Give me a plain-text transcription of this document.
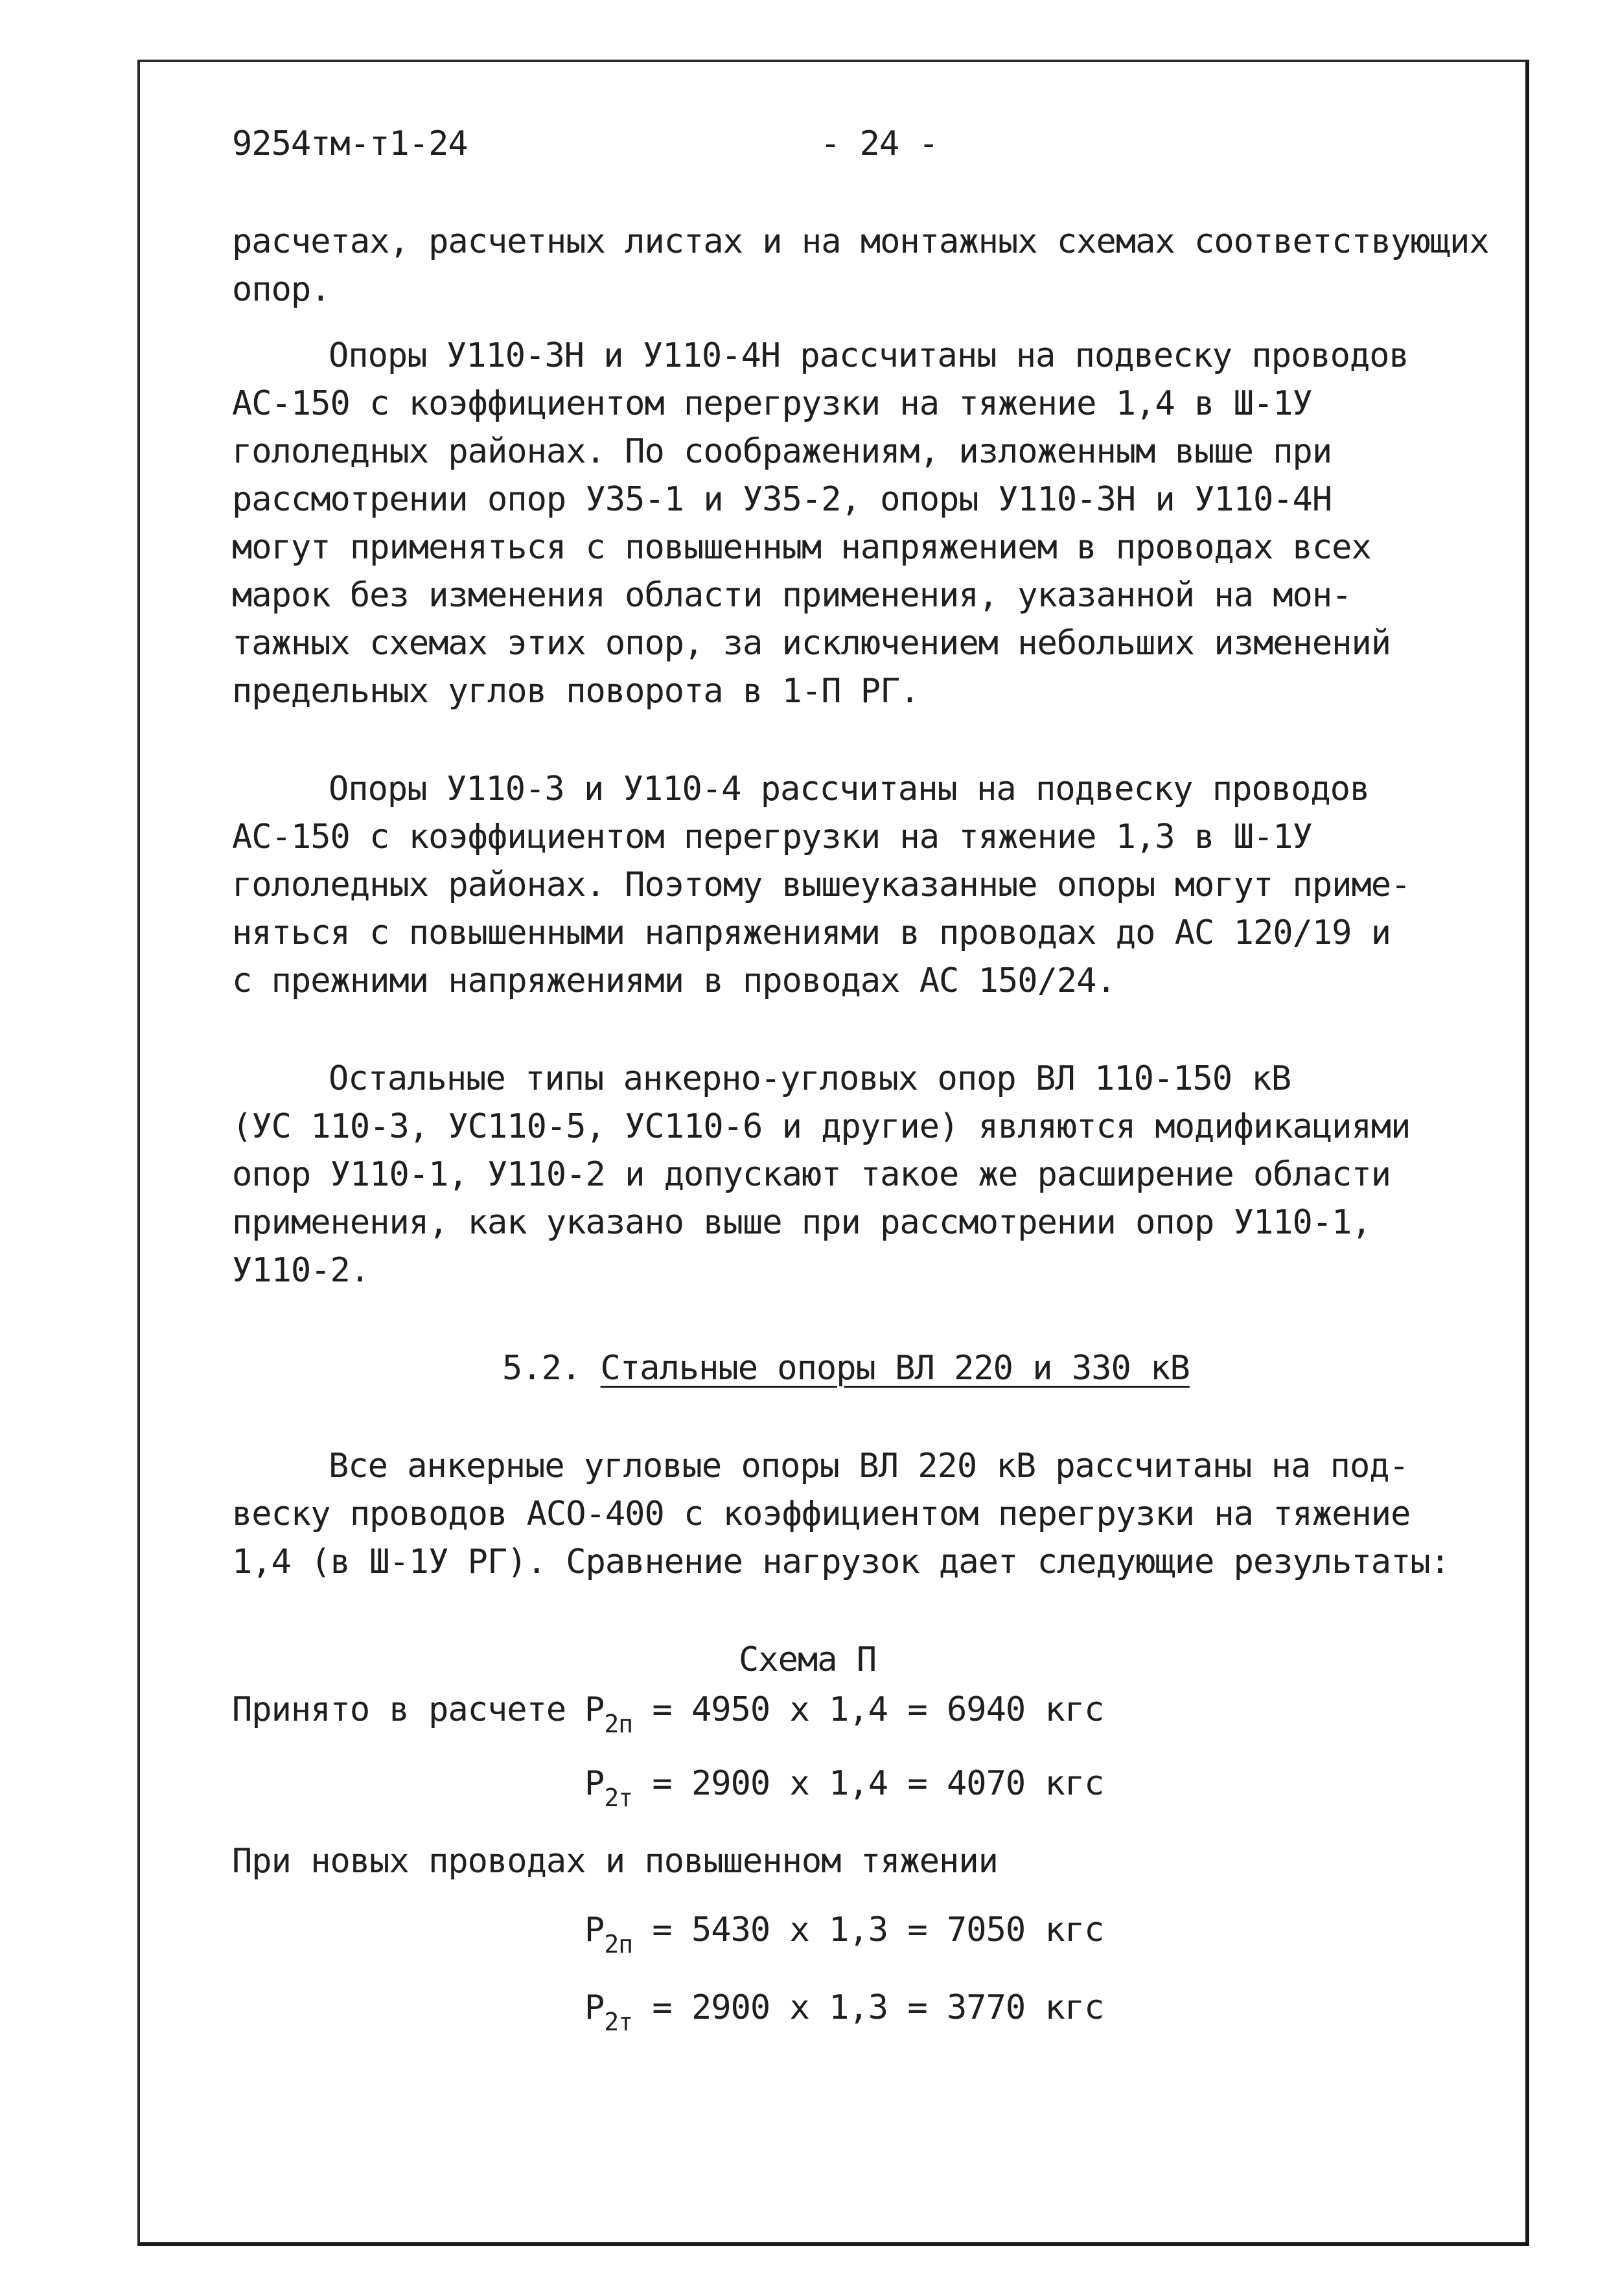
9254тм-т1-24	- 24 -
расчетах, расчетных листах и на монтажных схемах соответствующих
опор.
Опоры У110-3Н и У110-4Н рассчитаны на подвеску проводов
АС-150 с коэффициентом перегрузки на тяжение 1,4 в Ш-1У
гололедных районах. По соображениям, изложенным выше при
рассмотрении опор У35-1 и У35-2, опоры У110-3Н и У110-4Н
могут применяться с повышенным напряжением в проводах всех
марок без изменения области применения, указанной на мон-
тажных схемах этих опор, за исключением небольших изменений
предельных углов поворота в 1-П РГ.
Опоры У110-3 и У110-4 рассчитаны на подвеску проводов
АС-150 с коэффициентом перегрузки на тяжение 1,3 в Ш-1У
гололедных районах. Поэтому вышеуказанные опоры могут приме-
няться с повышенными напряжениями в проводах до АС 120/19 и
с прежними напряжениями в проводах АС 150/24.
Остальные типы анкерно-угловых опор ВЛ 110-150 кВ
(УС 110-3, УС110-5, УС110-6 и другие) являются модификациями
опор У110-1, У110-2 и допускают такое же расширение области
применения, как указано выше при рассмотрении опор У110-1,
У110-2.
5.2. Стальные опоры ВЛ 220 и 330 кВ
Все анкерные угловые опоры ВЛ 220 кВ рассчитаны на под-
веску проводов АСО-400 с коэффициентом перегрузки на тяжение
1,4 (в Ш-1У РГ). Сравнение нагрузок дает следующие результаты:
Схема П
Принято в расчете $P_{2п} = 4950$ x 1,4 = 6940 кгс
$P_{2т} = 2900$ x 1,4 = 4070 кгс
При новых проводах и повышенном тяжении
$P_{2п} = 5430$ x 1,3 = 7050 кгс
$P_{2т} = 2900$ x 1,3 = 3770 кгс
